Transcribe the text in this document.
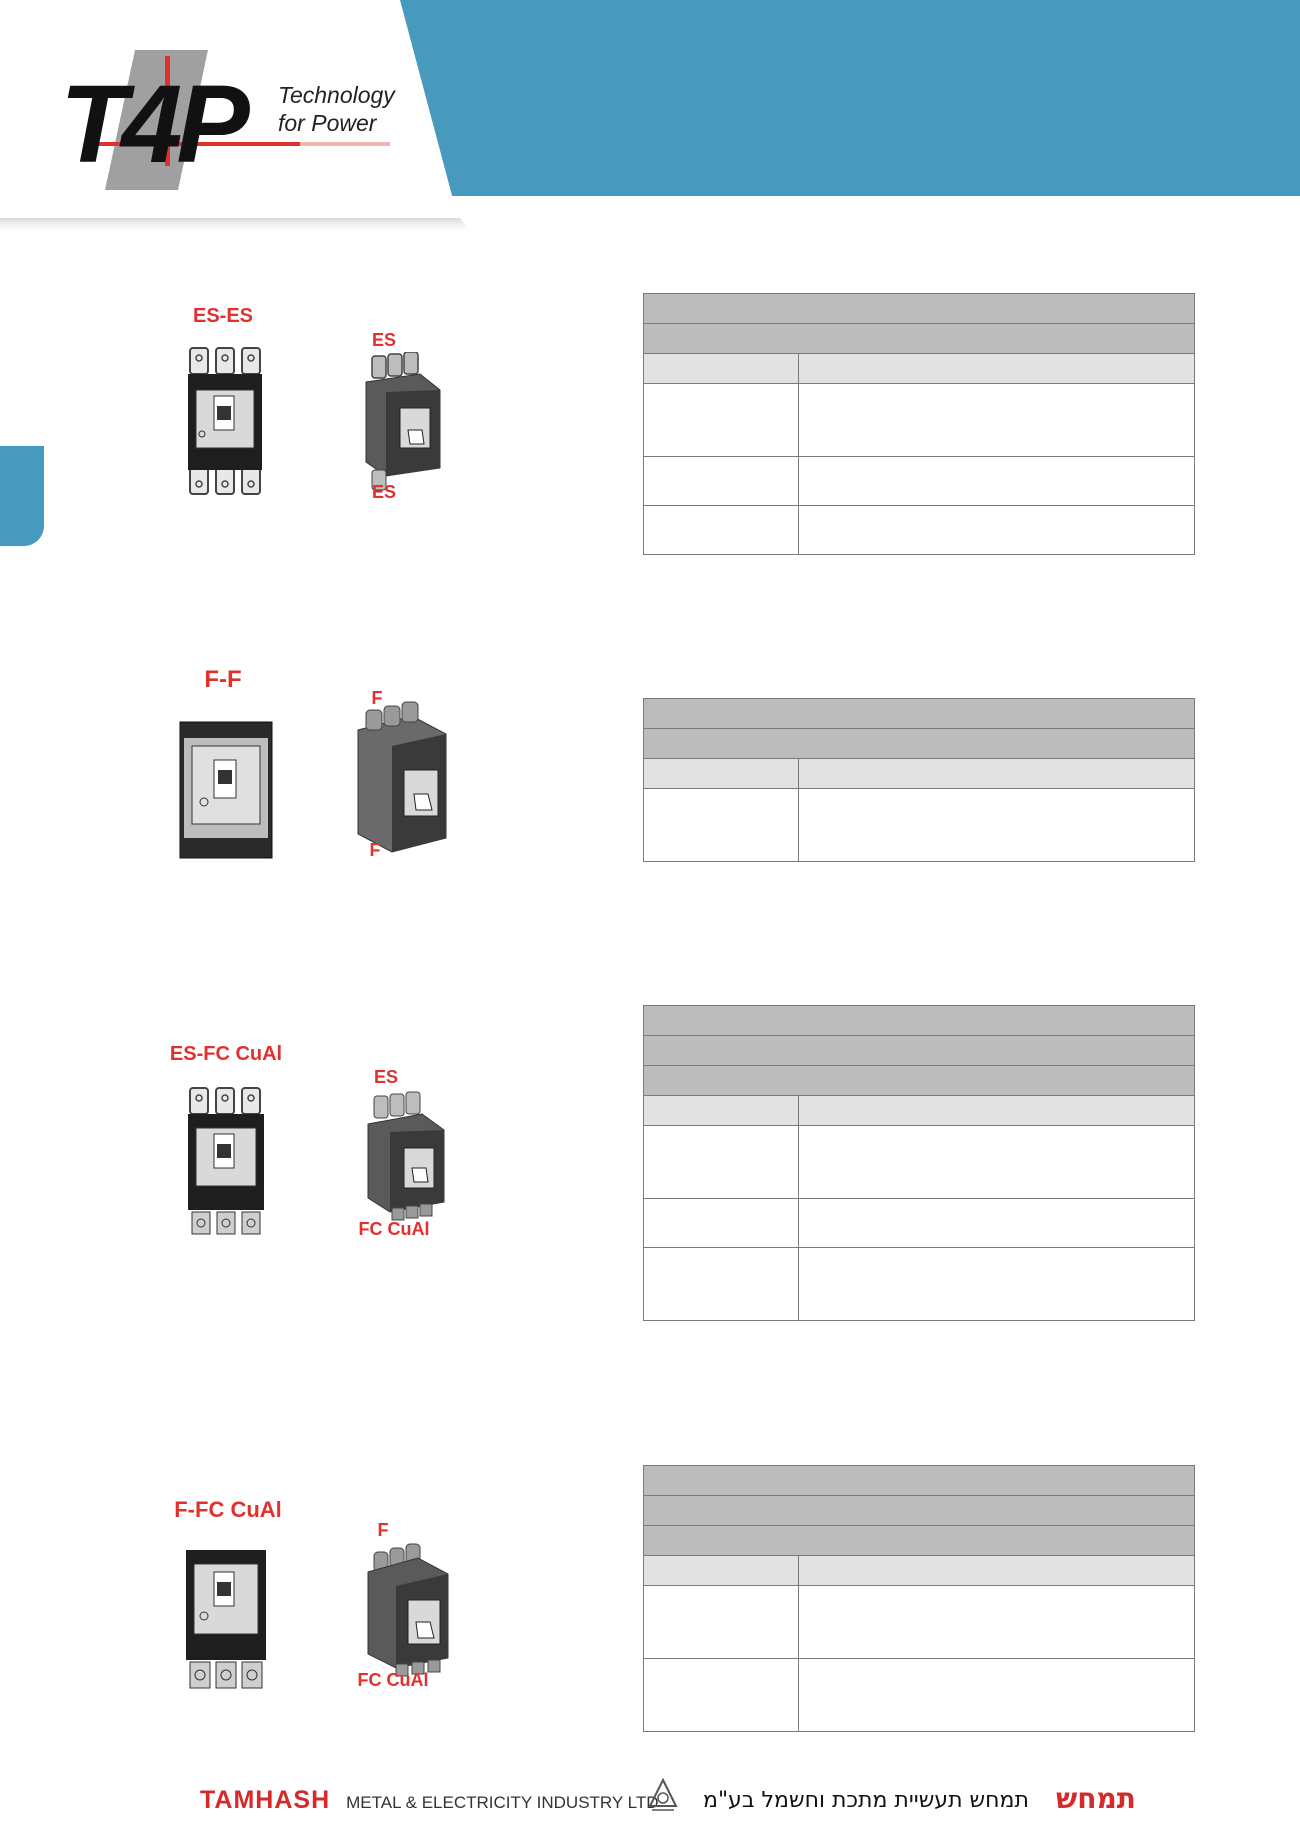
T4P Technology
for Power
ES-ES
ES
ES

F-F
F
F

ES-FC CuAl
ES
FC CuAl

F-FC CuAl
F
FC CuAl

TAMHASH METAL & ELECTRICITY INDUSTRY LTD תמחש תעשיית מתכת וחשמל בע"מ תמחש
